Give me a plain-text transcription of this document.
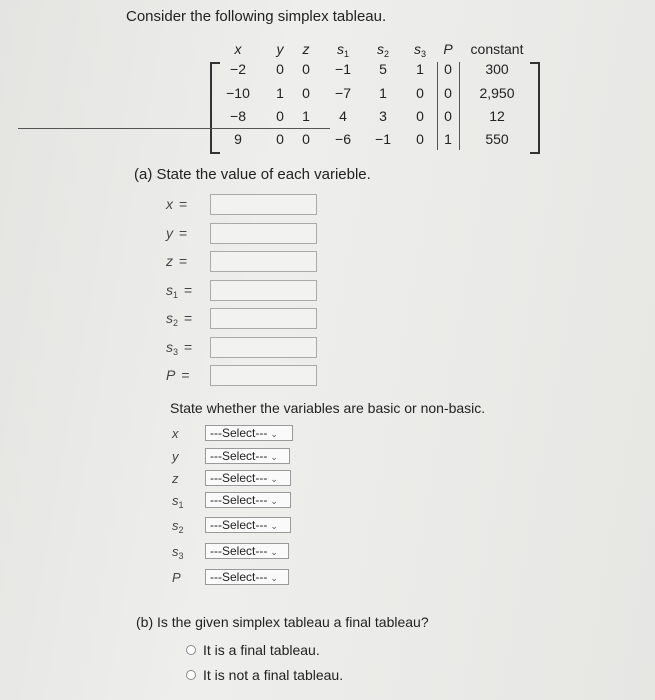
Consider the following simplex tableau.
x	y	z	$s_1$	$s_2$	$s_3$	P	constant
−2	0	0	−1	5	1	0	300
−10	1	0	−7	1	0	0	2,950
−8	0	1	4	3	0	0	12
9	0	0	−6	−1	0	1	550
(a) State the value of each varieble.
x =
y =
z =
$s_1$ =
$s_2$ =
$s_3$ =
P =
State whether the variables are basic or non-basic.
x	---Select--- ⌄
y	---Select--- ⌄
z	---Select--- ⌄
$s_1$	---Select--- ⌄
$s_2$	---Select--- ⌄
$s_3$	---Select--- ⌄
P	---Select--- ⌄
(b) Is the given simplex tableau a final tableau?
It is a final tableau.
It is not a final tableau.
